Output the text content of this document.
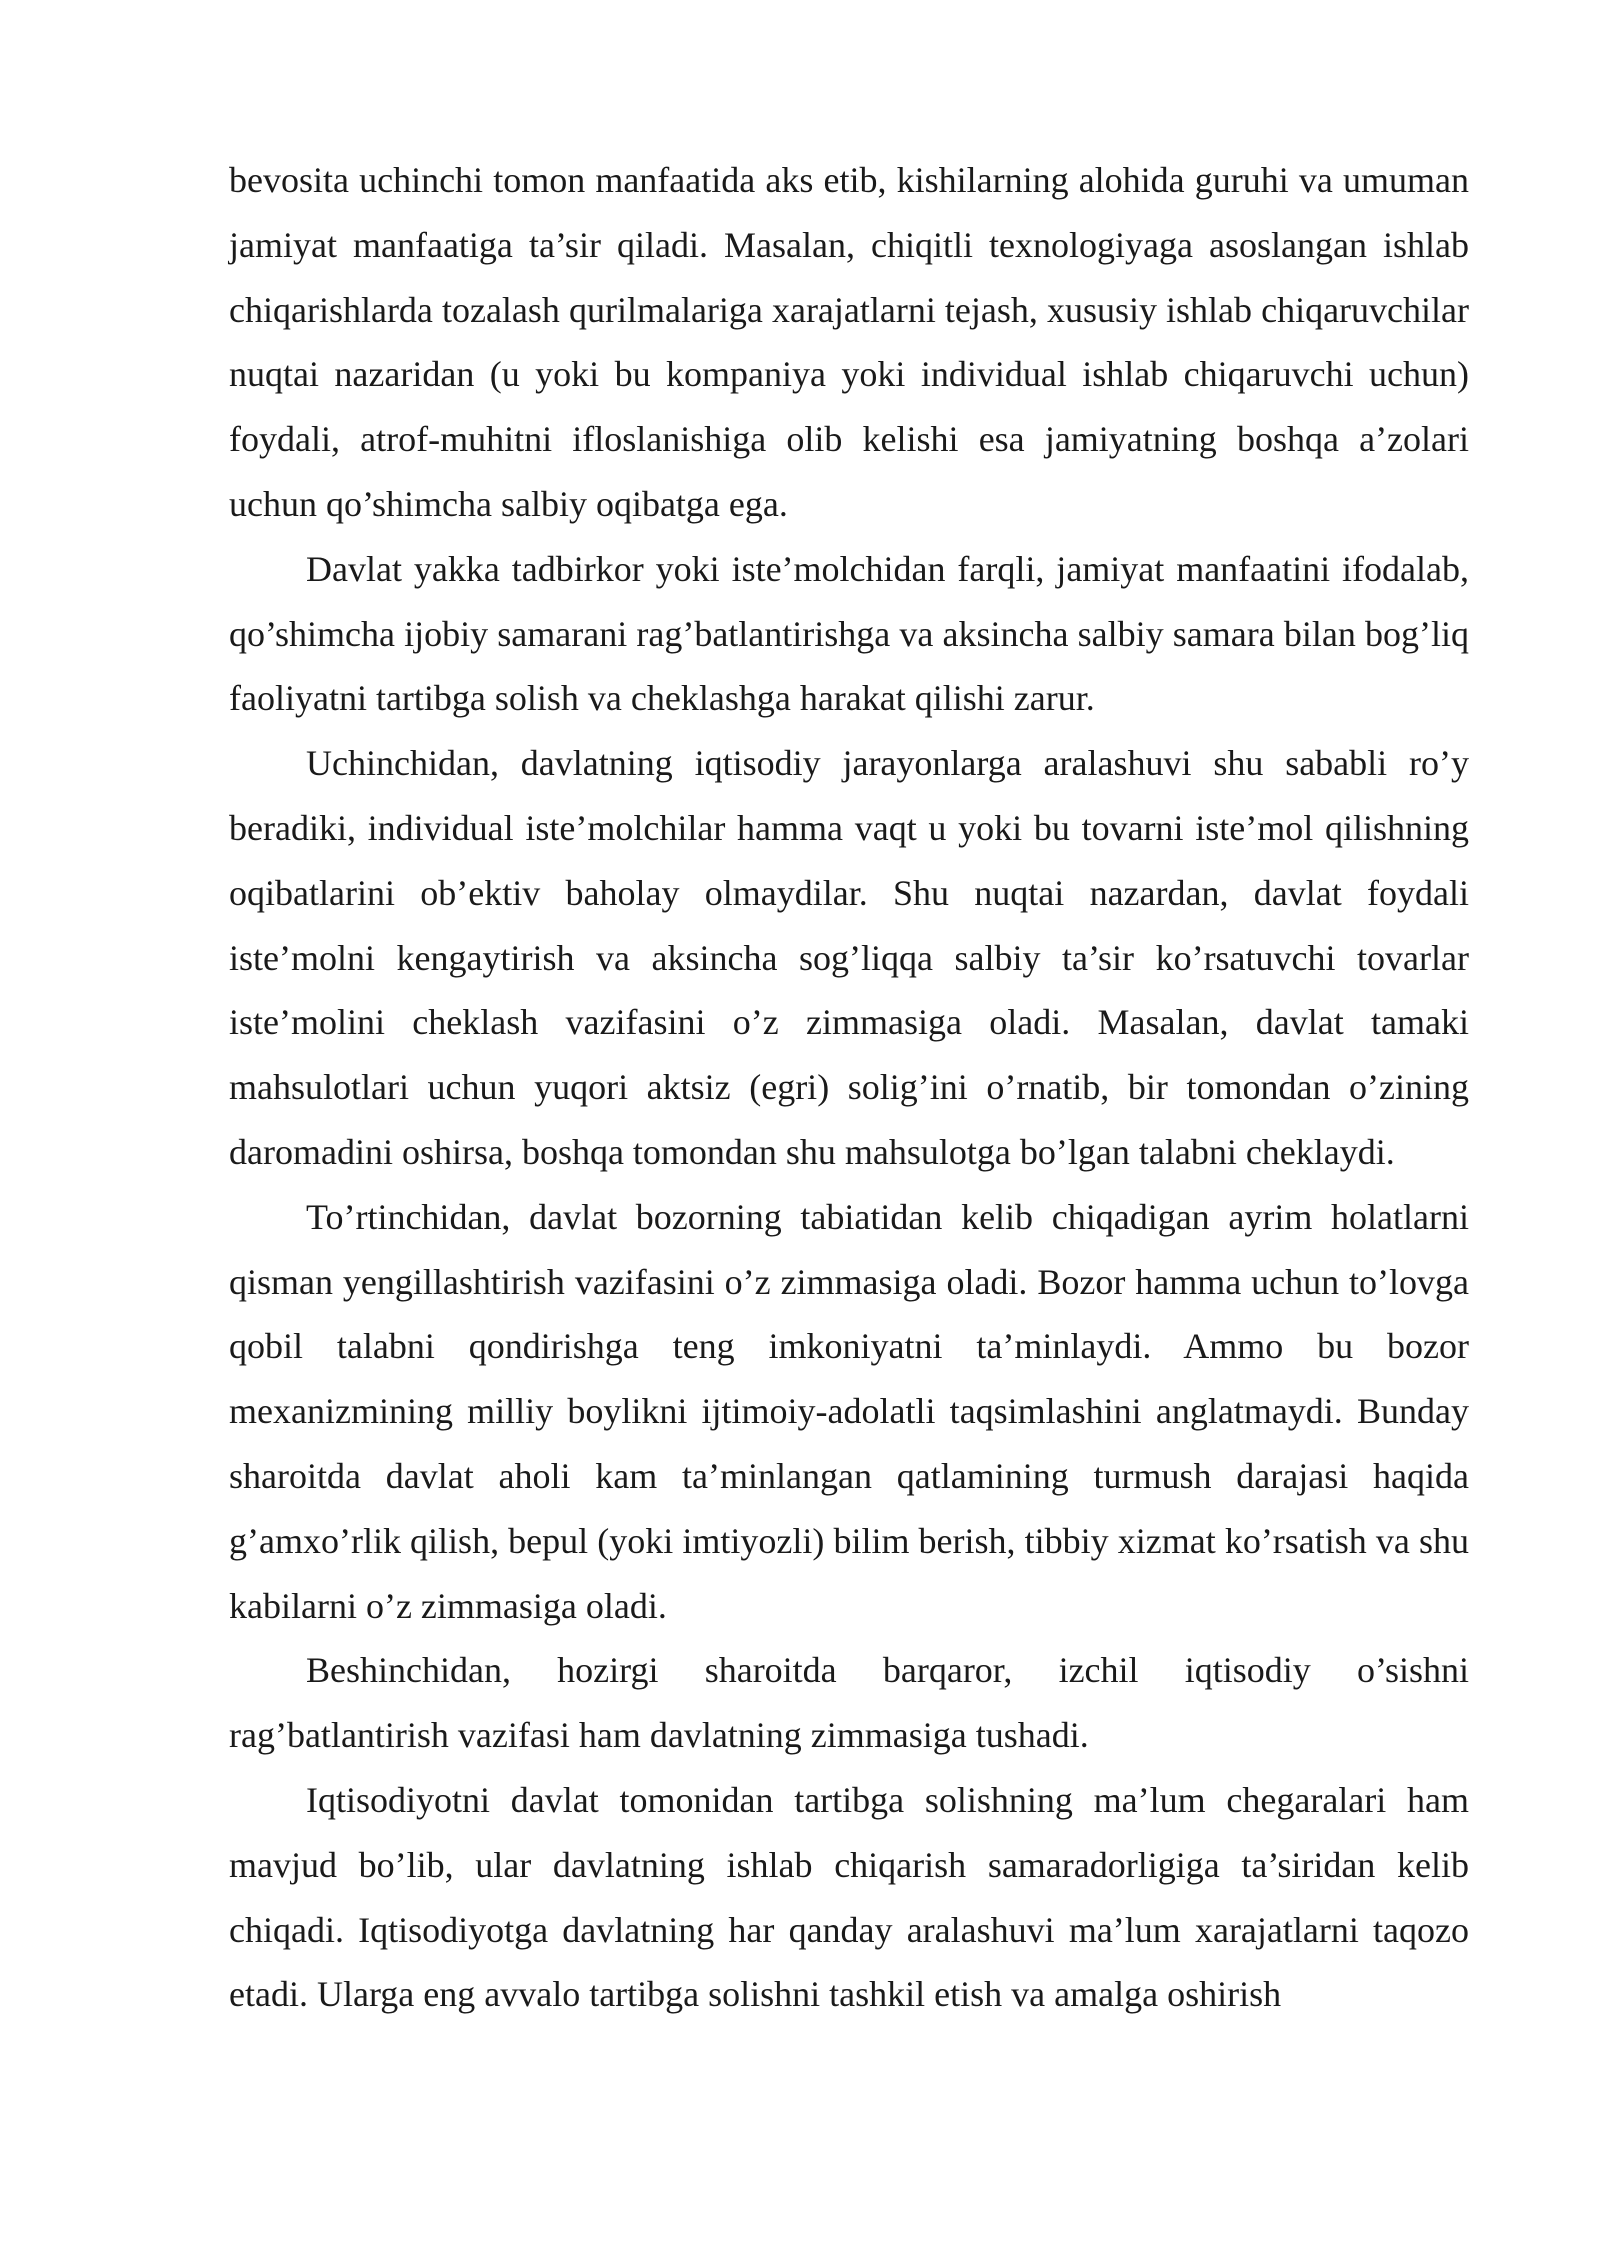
bevosita uchinchi tomon manfaatida aks etib, kishilarning alohida guruhi va umuman jamiyat manfaatiga ta’sir qiladi. Masalan, chiqitli texnologiyaga asoslangan ishlab chiqarishlarda tozalash qurilmalariga xarajatlarni tejash, xususiy ishlab chiqaruvchilar nuqtai nazaridan (u yoki bu kompaniya yoki individual ishlab chiqaruvchi uchun) foydali, atrof-muhitni ifloslanishiga olib kelishi esa jamiyatning boshqa a’zolari uchun qo’shimcha salbiy oqibatga ega.

Davlat yakka tadbirkor yoki iste’molchidan farqli, jamiyat manfaatini ifodalab, qo’shimcha ijobiy samarani rag’batlantirishga va aksincha salbiy samara bilan bog’liq faoliyatni tartibga solish va cheklashga harakat qilishi zarur.

Uchinchidan, davlatning iqtisodiy jarayonlarga aralashuvi shu sababli ro’y beradiki, individual iste’molchilar hamma vaqt u yoki bu tovarni iste’mol qilishning oqibatlarini ob’ektiv baholay olmaydilar. Shu nuqtai nazardan, davlat foydali iste’molni kengaytirish va aksincha sog’liqqa salbiy ta’sir ko’rsatuvchi tovarlar iste’molini cheklash vazifasini o’z zimmasiga oladi. Masalan, davlat tamaki mahsulotlari uchun yuqori aktsiz (egri) solig’ini o’rnatib, bir tomondan o’zining daromadini oshirsa, boshqa tomondan shu mahsulotga bo’lgan talabni cheklaydi.

To’rtinchidan, davlat bozorning tabiatidan kelib chiqadigan ayrim holatlarni qisman yengillashtirish vazifasini o’z zimmasiga oladi. Bozor hamma uchun to’lovga qobil talabni qondirishga teng imkoniyatni ta’minlaydi. Ammo bu bozor mexanizmining milliy boylikni ijtimoiy-adolatli taqsimlashini anglatmaydi. Bunday sharoitda davlat aholi kam ta’minlangan qatlamining turmush darajasi haqida g’amxo’rlik qilish, bepul (yoki imtiyozli) bilim berish, tibbiy xizmat ko’rsatish va shu kabilarni o’z zimmasiga oladi.

Beshinchidan, hozirgi sharoitda barqaror, izchil iqtisodiy o’sishni rag’batlantirish vazifasi ham davlatning zimmasiga tushadi.

Iqtisodiyotni davlat tomonidan tartibga solishning ma’lum chegaralari ham mavjud bo’lib, ular davlatning ishlab chiqarish samaradorligiga ta’siridan kelib chiqadi. Iqtisodiyotga davlatning har qanday aralashuvi ma’lum xarajatlarni taqozo etadi. Ularga eng avvalo tartibga solishni tashkil etish va amalga oshirish
